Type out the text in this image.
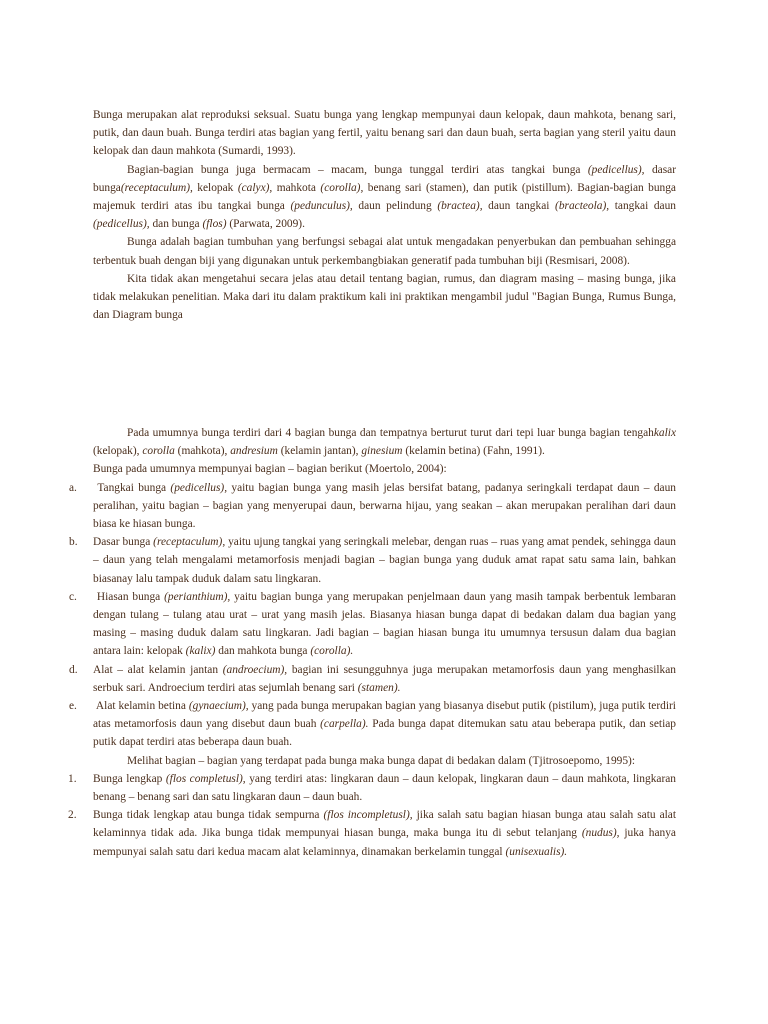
Bunga merupakan alat reproduksi seksual. Suatu bunga yang lengkap mempunyai daun kelopak, daun mahkota, benang sari, putik, dan daun buah. Bunga terdiri atas bagian yang fertil, yaitu benang sari dan daun buah, serta bagian yang steril yaitu daun kelopak dan daun mahkota (Sumardi, 1993).

Bagian-bagian bunga juga bermacam – macam, bunga tunggal terdiri atas tangkai bunga (pedicellus), dasar bunga(receptaculum), kelopak (calyx), mahkota (corolla), benang sari (stamen), dan putik (pistillum). Bagian-bagian bunga majemuk terdiri atas ibu tangkai bunga (pedunculus), daun pelindung (bractea), daun tangkai (bracteola), tangkai daun (pedicellus), dan bunga (flos) (Parwata, 2009).

Bunga adalah bagian tumbuhan yang berfungsi sebagai alat untuk mengadakan penyerbukan dan pembuahan sehingga terbentuk buah dengan biji yang digunakan untuk perkembangbiakan generatif pada tumbuhan biji (Resmisari, 2008).

Kita tidak akan mengetahui secara jelas atau detail tentang bagian, rumus, dan diagram masing – masing bunga, jika tidak melakukan penelitian. Maka dari itu dalam praktikum kali ini praktikan mengambil judul "Bagian Bunga, Rumus Bunga, dan Diagram bunga

Pada umumnya bunga terdiri dari 4 bagian bunga dan tempatnya berturut turut dari tepi luar bunga bagian tengahkalix (kelopak), corolla (mahkota), andresium (kelamin jantan), ginesium (kelamin betina) (Fahn, 1991).

Bunga pada umumnya mempunyai bagian – bagian berikut (Moertolo, 2004):

a. Tangkai bunga (pedicellus), yaitu bagian bunga yang masih jelas bersifat batang, padanya seringkali terdapat daun – daun peralihan, yaitu bagian – bagian yang menyerupai daun, berwarna hijau, yang seakan – akan merupakan peralihan dari daun biasa ke hiasan bunga.
b. Dasar bunga (receptaculum), yaitu ujung tangkai yang seringkali melebar, dengan ruas – ruas yang amat pendek, sehingga daun – daun yang telah mengalami metamorfosis menjadi bagian – bagian bunga yang duduk amat rapat satu sama lain, bahkan biasanay lalu tampak duduk dalam satu lingkaran.
c. Hiasan bunga (perianthium), yaitu bagian bunga yang merupakan penjelmaan daun yang masih tampak berbentuk lembaran dengan tulang – tulang atau urat – urat yang masih jelas. Biasanya hiasan bunga dapat di bedakan dalam dua bagian yang masing – masing duduk dalam satu lingkaran. Jadi bagian – bagian hiasan bunga itu umumnya tersusun dalam dua bagian antara lain: kelopak (kalix) dan mahkota bunga (corolla).
d. Alat – alat kelamin jantan (androecium), bagian ini sesungguhnya juga merupakan metamorfosis daun yang menghasilkan serbuk sari. Androecium terdiri atas sejumlah benang sari (stamen).
e. Alat kelamin betina (gynaecium), yang pada bunga merupakan bagian yang biasanya disebut putik (pistilum), juga putik terdiri atas metamorfosis daun yang disebut daun buah (carpella). Pada bunga dapat ditemukan satu atau beberapa putik, dan setiap putik dapat terdiri atas beberapa daun buah.

Melihat bagian – bagian yang terdapat pada bunga maka bunga dapat di bedakan dalam (Tjitrosoepomo, 1995):

1. Bunga lengkap (flos completusl), yang terdiri atas: lingkaran daun – daun kelopak, lingkaran daun – daun mahkota, lingkaran benang – benang sari dan satu lingkaran daun – daun buah.
2. Bunga tidak lengkap atau bunga tidak sempurna (flos incompletusl), jika salah satu bagian hiasan bunga atau salah satu alat kelaminnya tidak ada. Jika bunga tidak mempunyai hiasan bunga, maka bunga itu di sebut telanjang (nudus), juka hanya mempunyai salah satu dari kedua macam alat kelaminnya, dinamakan berkelamin tunggal (unisexualis).
